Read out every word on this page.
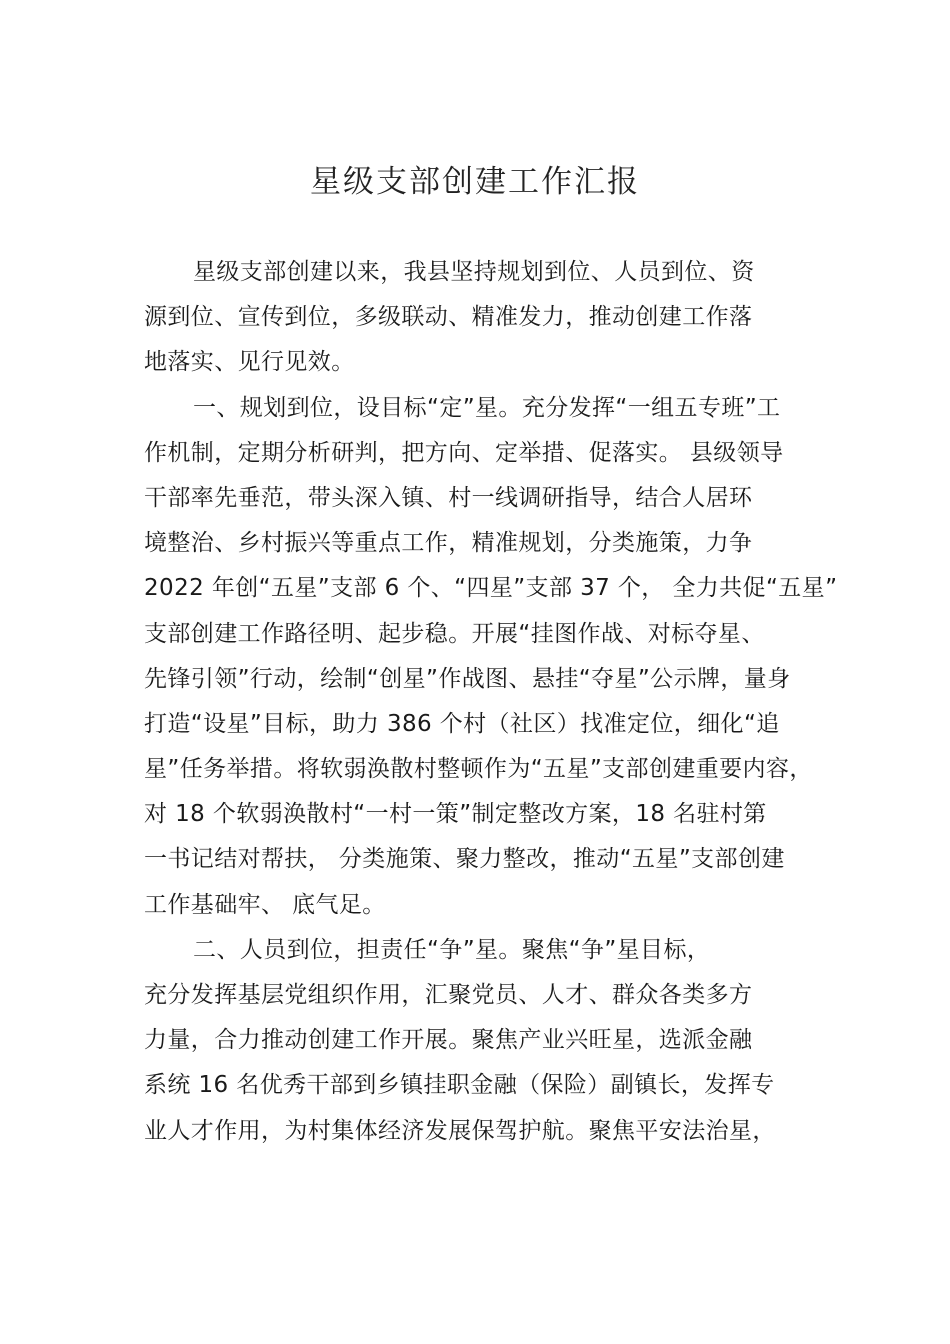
星级支部创建工作汇报
星级支部创建以来，我县坚持规划到位、人员到位、资
源到位、宣传到位，多级联动、精准发力，推动创建工作落
地落实、见行见效。
一、规划到位，设目标“定”星。充分发挥“一组五专班”工
作机制，定期分析研判，把方向、定举措、促落实。 县级领导
干部率先垂范，带头深入镇、村一线调研指导，结合人居环
境整治、乡村振兴等重点工作，精准规划，分类施策，力争
2022 年创“五星”支部 6 个、“四星”支部 37 个， 全力共促“五星”
支部创建工作路径明、起步稳。开展“挂图作战、对标夺星、
先锋引领”行动，绘制“创星”作战图、悬挂“夺星”公示牌，量身
打造“设星”目标，助力 386 个村（社区）找准定位，细化“追
星”任务举措。将软弱涣散村整顿作为“五星”支部创建重要内容，
对 18 个软弱涣散村“一村一策”制定整改方案，18 名驻村第
一书记结对帮扶， 分类施策、聚力整改，推动“五星”支部创建
工作基础牢、 底气足。
二、人员到位，担责任“争”星。聚焦“争”星目标，
充分发挥基层党组织作用，汇聚党员、人才、群众各类多方
力量，合力推动创建工作开展。聚焦产业兴旺星，选派金融
系统 16 名优秀干部到乡镇挂职金融（保险）副镇长，发挥专
业人才作用，为村集体经济发展保驾护航。聚焦平安法治星，
